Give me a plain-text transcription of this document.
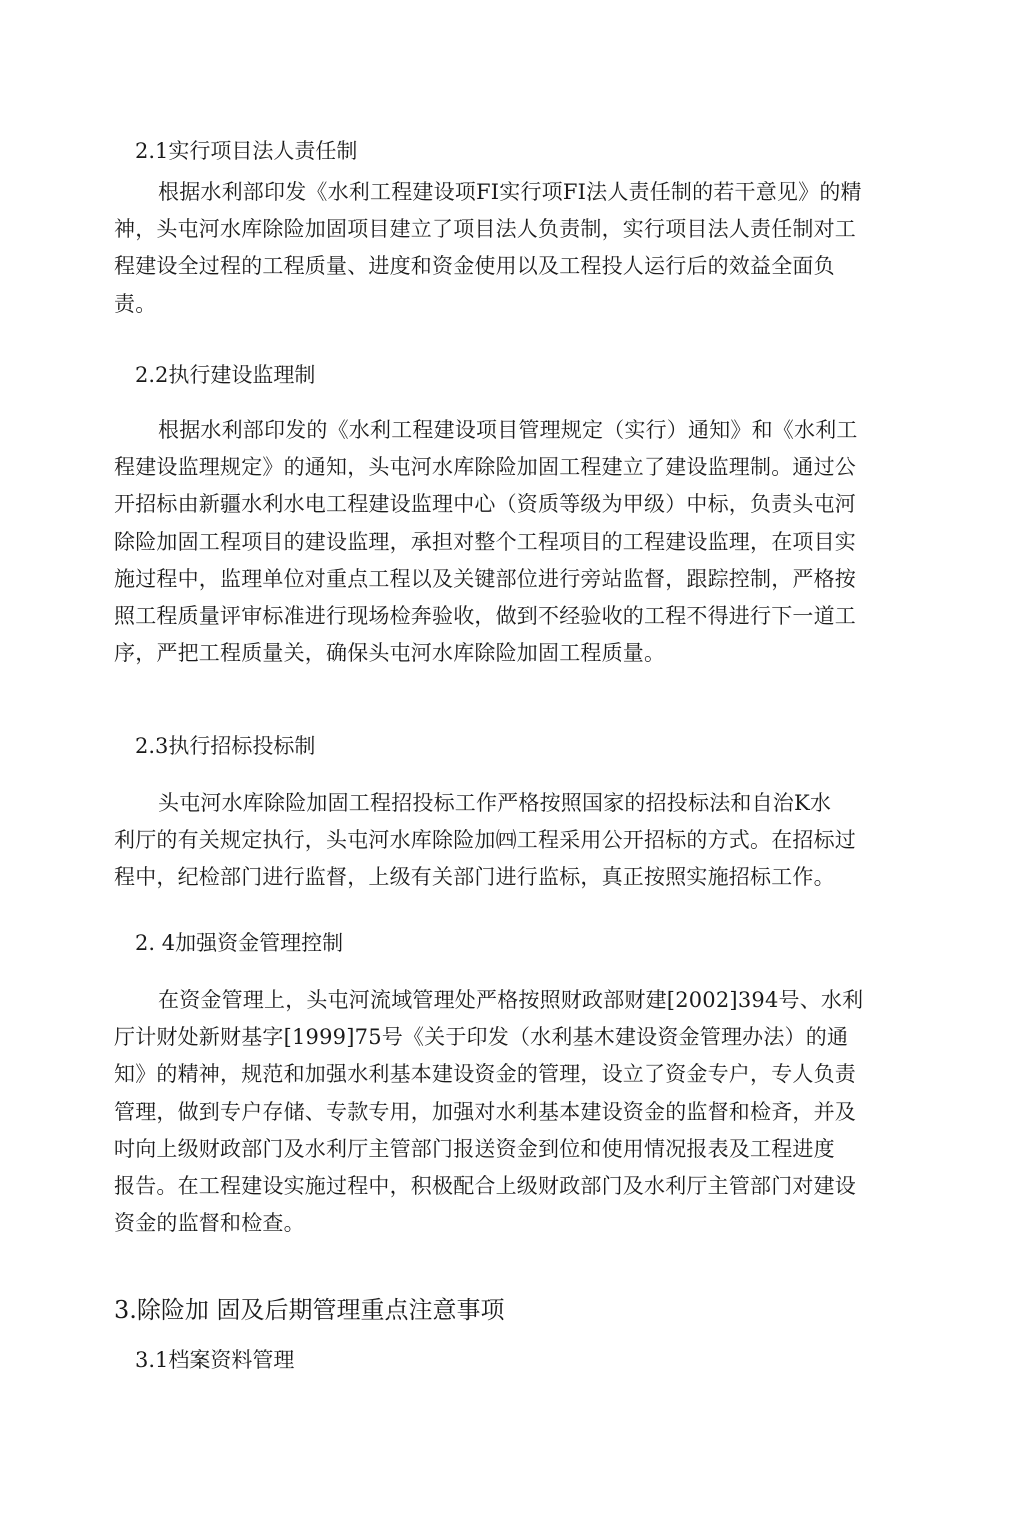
2.1实行项目法人责任制
根据水利部印发《水利工程建设项FI实行项FI法人责任制的若干意见》的精
神，头屯河水库除险加固项目建立了项目法人负责制，实行项目法人责任制对工
程建设全过程的工程质量、进度和资金使用以及工程投人运行后的效益全面负
责。
2.2执行建设监理制
根据水利部印发的《水利工程建设项目管理规定（实行）通知》和《水利工
程建设监理规定》的通知，头屯河水库除险加固工程建立了建设监理制。通过公
开招标由新疆水利水电工程建设监理中心（资质等级为甲级）中标，负责头屯河
除险加固工程项目的建设监理，承担对整个工程项目的工程建设监理，在项目实
施过程中，监理单位对重点工程以及关键部位进行旁站监督，跟踪控制，严格按
照工程质量评审标准进行现场检奔验收，做到不经验收的工程不得进行下一道工
序，严把工程质量关，确保头屯河水库除险加固工程质量。
2.3执行招标投标制
头屯河水库除险加固工程招投标工作严格按照国家的招投标法和自治K水
利厅的有关规定执行，头屯河水库除险加㈣工程采用公开招标的方式。在招标过
程中，纪检部门进行监督，上级有关部门进行监标，真正按照实施招标工作。
2. 4加强资金管理控制
在资金管理上，头屯河流域管理处严格按照财政部财建[2002]394号、水利
厅计财处新财基字[1999]75号《关于印发（水利基木建设资金管理办法）的通
知》的精神，规范和加强水利基本建设资金的管理，设立了资金专户，专人负责
管理，做到专户存储、专款专用，加强对水利基本建设资金的监督和检斉，并及
吋向上级财政部门及水利厅主管部门报送资金到位和使用情况报表及工程进度
报告。在工程建设实施过程中，积极配合上级财政部门及水利厅主管部门对建设
资金的监督和检查。
3.除险加 固及后期管理重点注意事项
3.1档案资料管理
